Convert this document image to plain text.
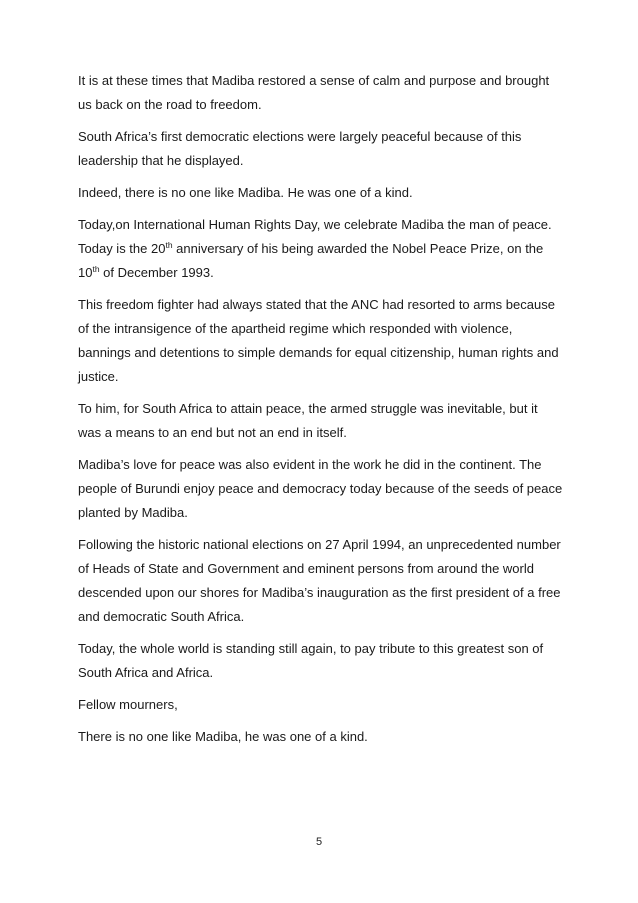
It is at these times that Madiba restored a sense of calm and purpose and brought
us back on the road to freedom.

South Africa’s first democratic elections were largely peaceful because of this
leadership that he displayed.

Indeed, there is no one like Madiba. He was one of a kind.

Today,on International Human Rights Day, we celebrate Madiba the man of peace.
Today is the 20th anniversary of his being awarded the Nobel Peace Prize, on the
10th of December 1993.

This freedom fighter had always stated that the ANC had resorted to arms because
of the intransigence of the apartheid regime which responded with violence,
bannings and detentions to simple demands for equal citizenship, human rights and
justice.

To him, for South Africa to attain peace, the armed struggle was inevitable, but it
was a means to an end but not an end in itself.

Madiba’s love for peace was also evident in the work he did in the continent. The
people of Burundi enjoy peace and democracy today because of the seeds of peace
planted by Madiba.

Following the historic national elections on 27 April 1994, an unprecedented number
of Heads of State and Government and eminent persons from around the world
descended upon our shores for Madiba’s inauguration as the first president of a free
and democratic South Africa.

Today, the whole world is standing still again, to pay tribute to this greatest son of
South Africa and Africa.

Fellow mourners,

There is no one like Madiba, he was one of a kind.

5
